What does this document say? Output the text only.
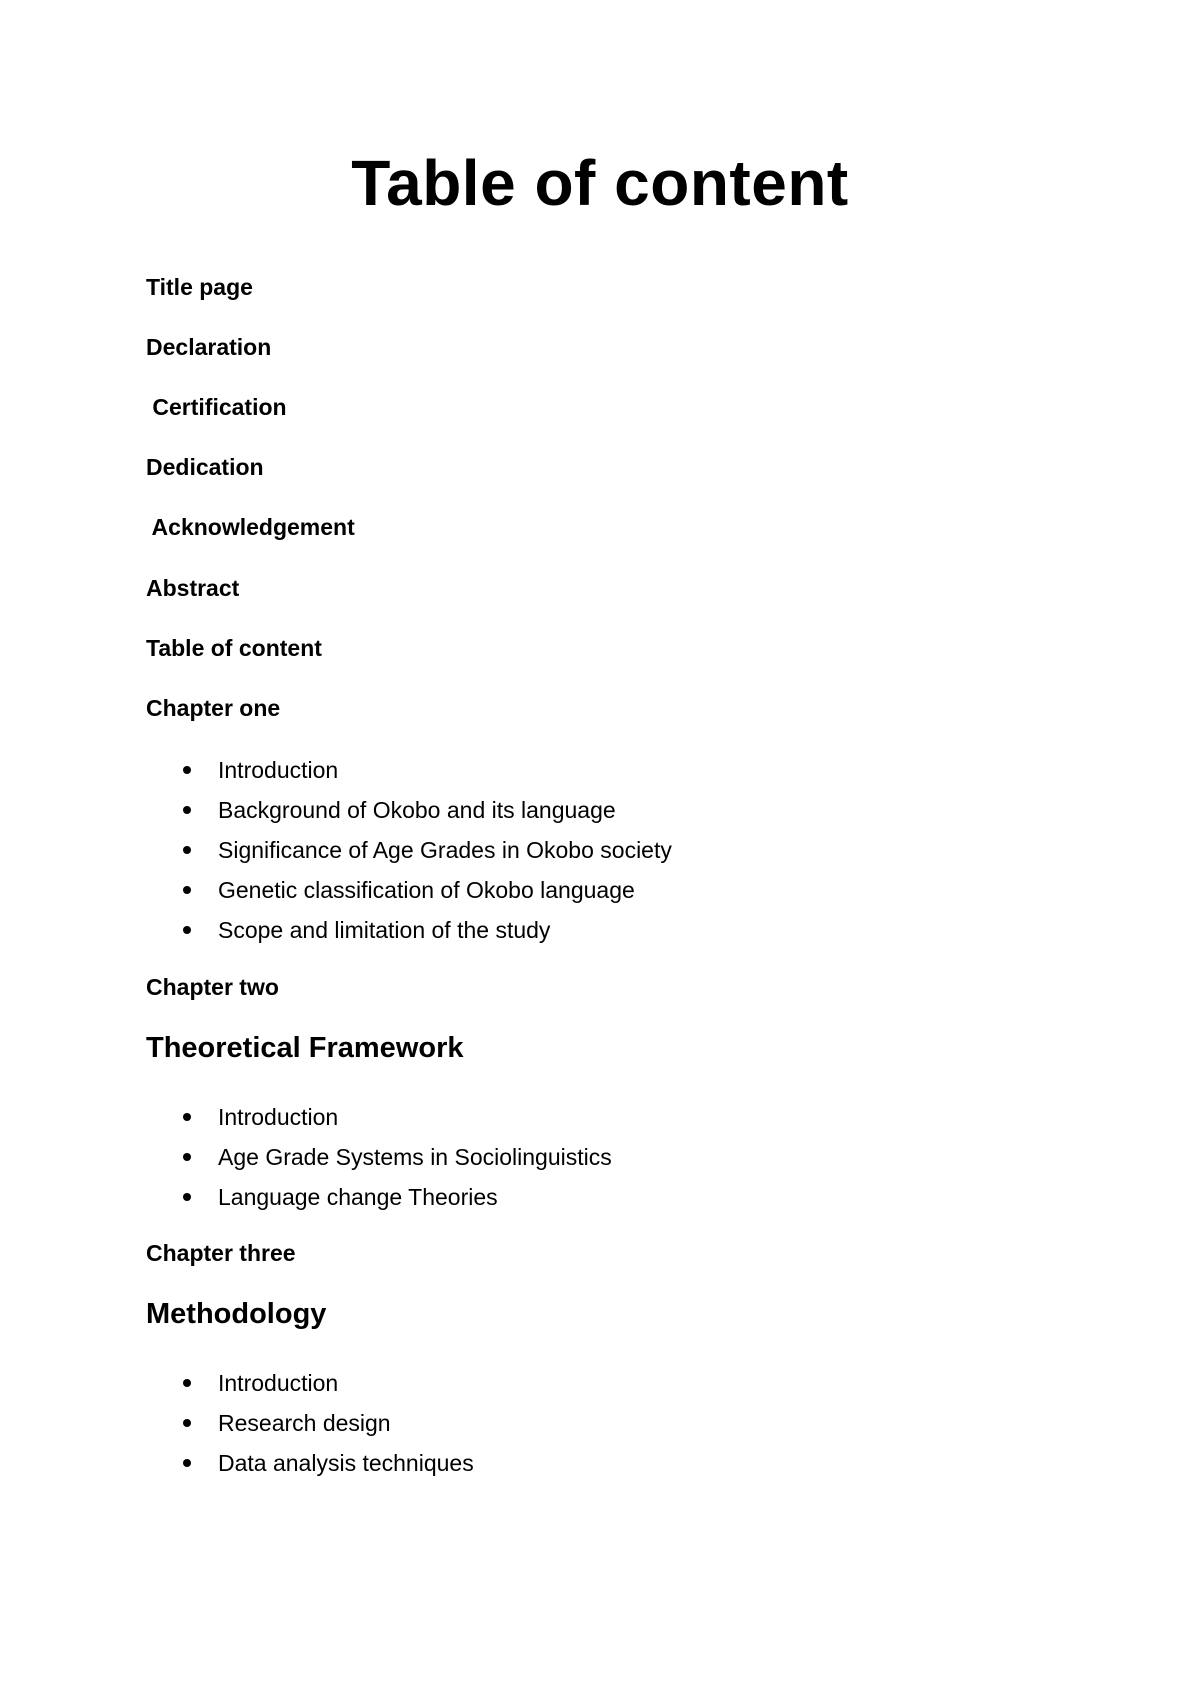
Table of content

Title page

Declaration

Certification

Dedication

Acknowledgement

Abstract

Table of content

Chapter one

Introduction
Background of Okobo and its language
Significance of Age Grades in Okobo society
Genetic classification of Okobo language
Scope and limitation of the study

Chapter two

Theoretical Framework
Introduction
Age Grade Systems in Sociolinguistics
Language change Theories

Chapter three

Methodology
Introduction
Research design
Data analysis techniques
